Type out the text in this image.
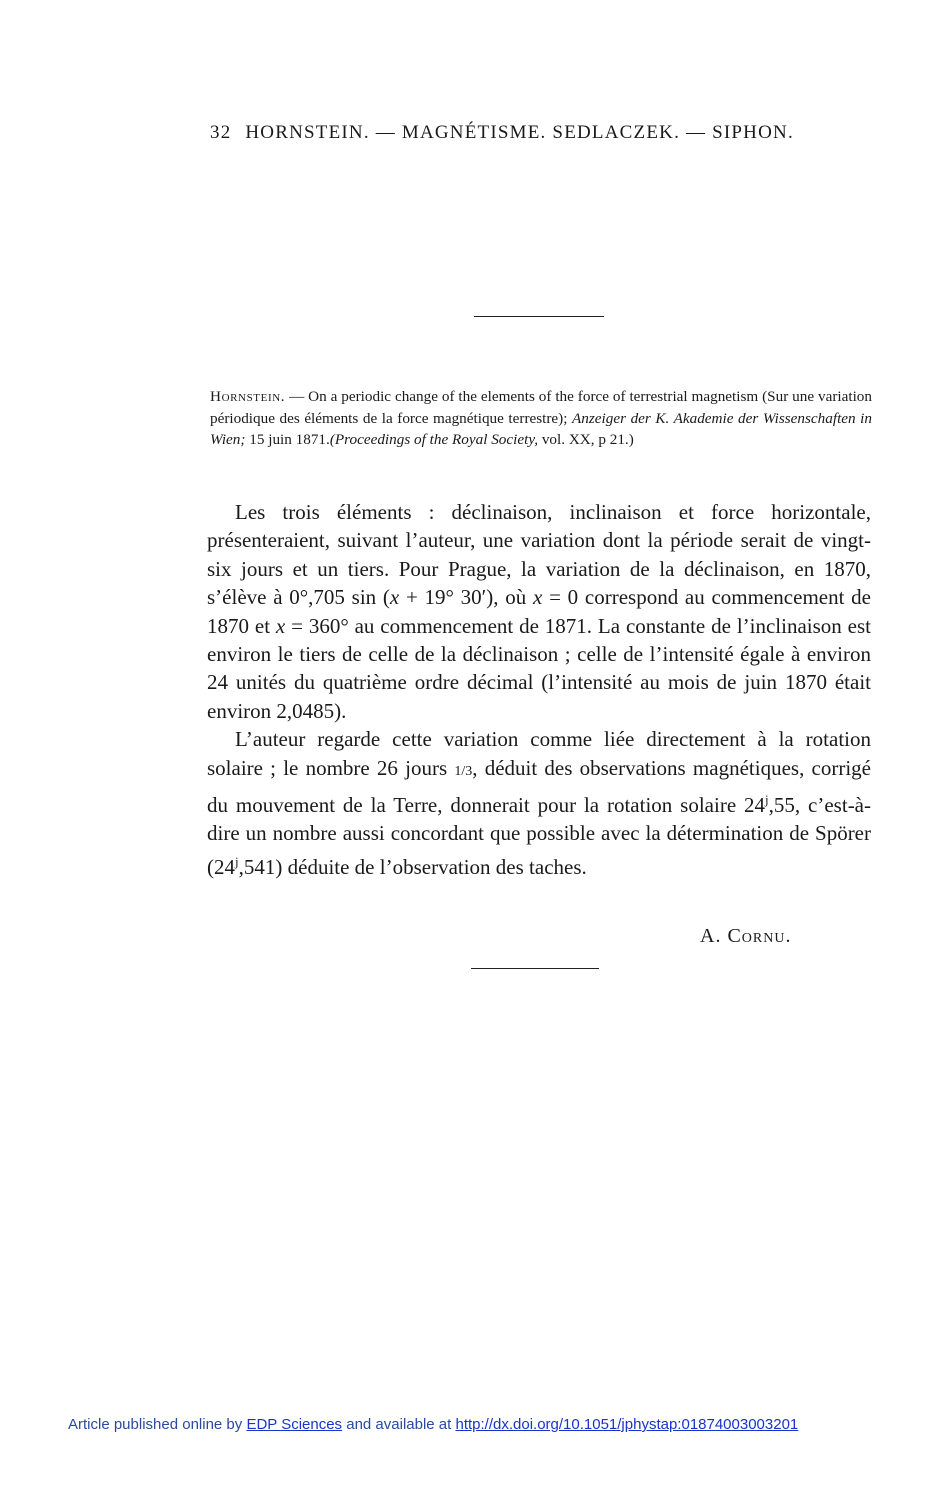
32 HORNSTEIN. — MAGNÉTISME. SEDLACZEK. — SIPHON.
Hornstein. — On a periodic change of the elements of the force of terrestrial magnetism (Sur une variation périodique des éléments de la force magnétique terrestre); Anzeiger der K. Akademie der Wissenschaften in Wien; 15 juin 1871.(Proceedings of the Royal Society, vol. XX, p 21.)

Les trois éléments : déclinaison, inclinaison et force horizontale, présenteraient, suivant l’auteur, une variation dont la période serait de vingt-six jours et un tiers. Pour Prague, la variation de la déclinaison, en 1870, s’élève à 0°,705 sin (x + 19° 30′), où x = 0 correspond au commencement de 1870 et x = 360° au commencement de 1871. La constante de l’inclinaison est environ le tiers de celle de la déclinaison ; celle de l’intensité égale à environ 24 unités du quatrième ordre décimal (l’intensité au mois de juin 1870 était environ 2,0485).

L’auteur regarde cette variation comme liée directement à la rotation solaire ; le nombre 26 jours 1/3, déduit des observations magnétiques, corrigé du mouvement de la Terre, donnerait pour la rotation solaire 24$^j$,55, c’est-à-dire un nombre aussi concordant que possible avec la détermination de Spörer (24$^j$,541) déduite de l’observation des taches.

A. Cornu.
Article published online by EDP Sciences and available at http://dx.doi.org/10.1051/jphystap:01874003003201
